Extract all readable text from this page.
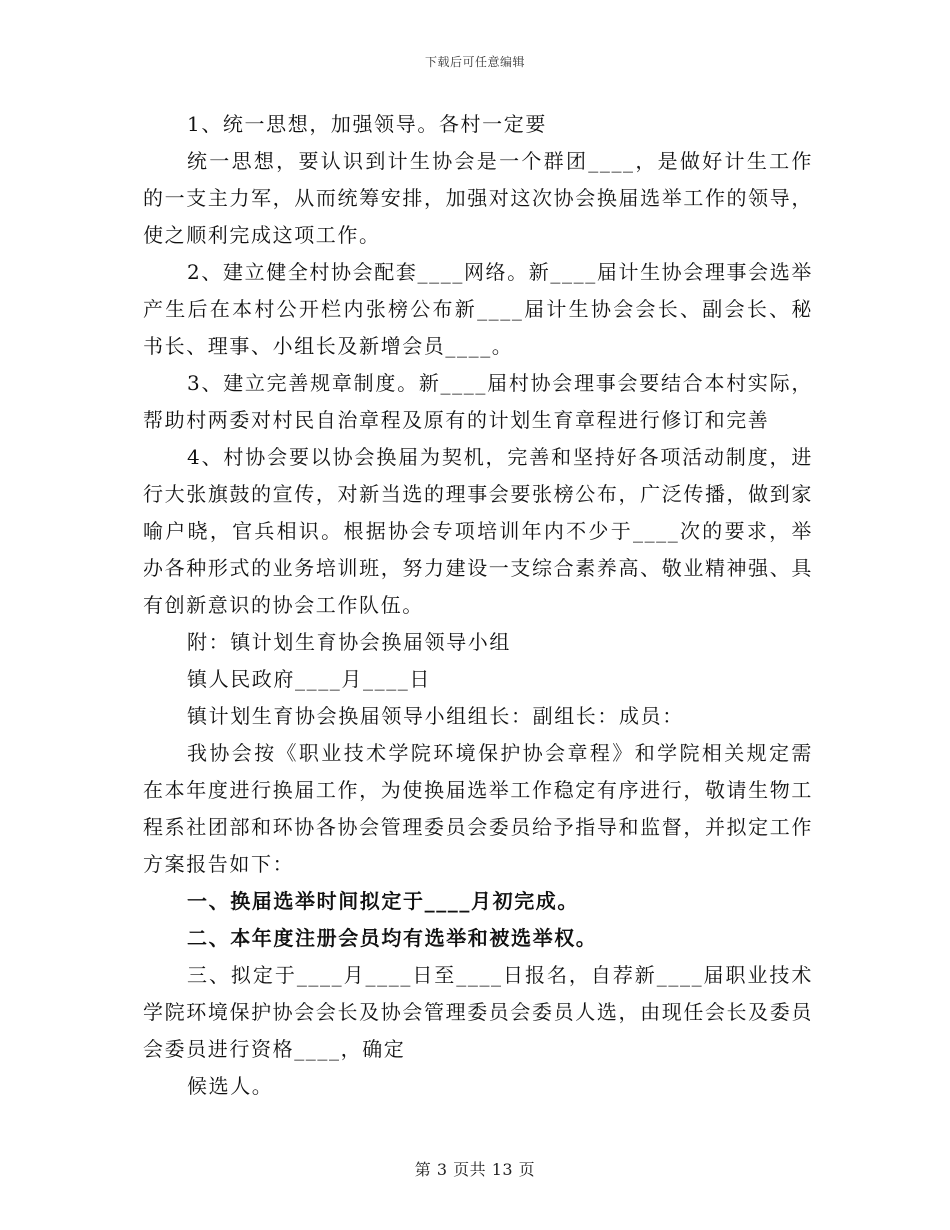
下载后可任意编辑

1、统一思想，加强领导。各村一定要

统一思想，要认识到计生协会是一个群团____，是做好计生工作的一支主力军，从而统筹安排，加强对这次协会换届选举工作的领导，使之顺利完成这项工作。

2、建立健全村协会配套____网络。新____届计生协会理事会选举产生后在本村公开栏内张榜公布新____届计生协会会长、副会长、秘书长、理事、小组长及新增会员____。

3、建立完善规章制度。新____届村协会理事会要结合本村实际，帮助村两委对村民自治章程及原有的计划生育章程进行修订和完善

4、村协会要以协会换届为契机，完善和坚持好各项活动制度，进行大张旗鼓的宣传，对新当选的理事会要张榜公布，广泛传播，做到家喻户晓，官兵相识。根据协会专项培训年内不少于____次的要求，举办各种形式的业务培训班，努力建设一支综合素养高、敬业精神强、具有创新意识的协会工作队伍。

附：镇计划生育协会换届领导小组

镇人民政府____月____日

镇计划生育协会换届领导小组组长：副组长：成员：

我协会按《职业技术学院环境保护协会章程》和学院相关规定需在本年度进行换届工作，为使换届选举工作稳定有序进行，敬请生物工程系社团部和环协各协会管理委员会委员给予指导和监督，并拟定工作方案报告如下：

一、换届选举时间拟定于____月初完成。

二、本年度注册会员均有选举和被选举权。

三、拟定于____月____日至____日报名，自荐新____届职业技术学院环境保护协会会长及协会管理委员会委员人选，由现任会长及委员会委员进行资格____，确定

候选人。

第 3 页共 13 页
